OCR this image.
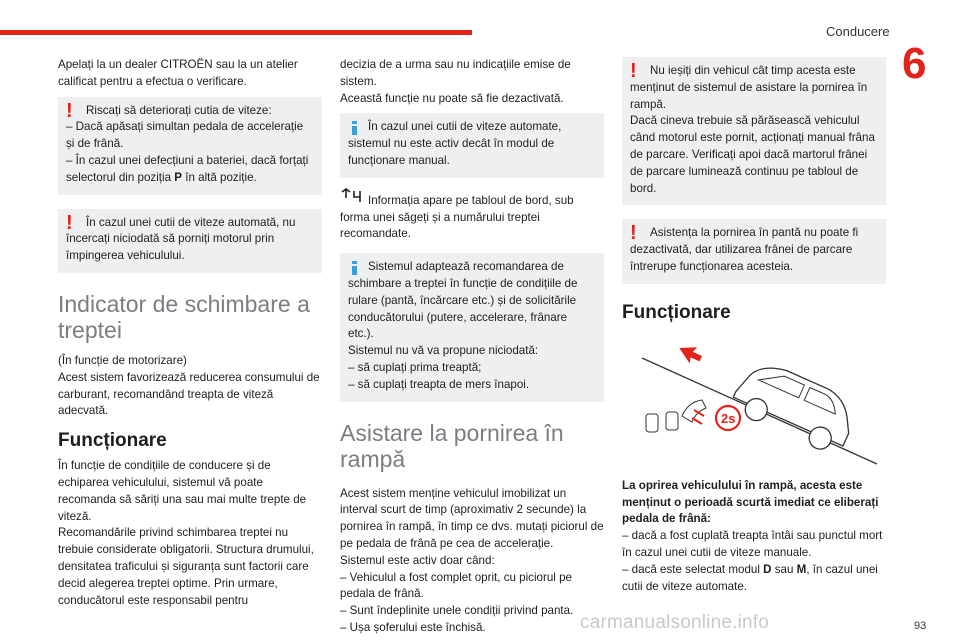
Conducere
6

Apelați la un dealer CITROËN sau la un atelier calificat pentru a efectua o verificare.

! Riscați să deteriorați cutia de viteze:
– Dacă apăsați simultan pedala de accelerație și de frână.
– În cazul unei defecțiuni a bateriei, dacă forțați selectorul din poziția P în altă poziție.

! În cazul unei cutii de viteze automată, nu încercați niciodată să porniți motorul prin împingerea vehiculului.

Indicator de schimbare a treptei

(În funcție de motorizare)

Acest sistem favorizează reducerea consumului de carburant, recomandând treapta de viteză adecvată.

Funcționare

În funcție de condițiile de conducere și de echiparea vehiculului, sistemul vă poate recomanda să săriți una sau mai multe trepte de viteză.
Recomandările privind schimbarea treptei nu trebuie considerate obligatorii. Structura drumului, densitatea traficului și siguranța sunt factorii care decid alegerea treptei optime. Prin urmare, conducătorul este responsabil pentru

decizia de a urma sau nu indicațiile emise de sistem.
Această funcție nu poate să fie dezactivată.

În cazul unei cutii de viteze automate, sistemul nu este activ decât în modul de funcționare manual.

Informația apare pe tabloul de bord, sub forma unei săgeți și a numărului treptei recomandate.

Sistemul adaptează recomandarea de schimbare a treptei în funcție de condițiile de rulare (pantă, încărcare etc.) și de solicitările conducătorului (putere, accelerare, frânare etc.).
Sistemul nu vă va propune niciodată:
– să cuplați prima treaptă;
– să cuplați treapta de mers înapoi.

Asistare la pornirea în rampă

Acest sistem menține vehiculul imobilizat un interval scurt de timp (aproximativ 2 secunde) la pornirea în rampă, în timp ce dvs. mutați piciorul de pe pedala de frână pe cea de accelerație.
Sistemul este activ doar când:
– Vehiculul a fost complet oprit, cu piciorul pe pedala de frână.
– Sunt îndeplinite unele condiții privind panta.
– Ușa șoferului este închisă.

! Nu ieșiți din vehicul cât timp acesta este menținut de sistemul de asistare la pornirea în rampă.
Dacă cineva trebuie să părăsească vehiculul când motorul este pornit, acționați manual frâna de parcare. Verificați apoi dacă martorul frânei de parcare luminează continuu pe tabloul de bord.

! Asistența la pornirea în pantă nu poate fi dezactivată, dar utilizarea frânei de parcare întrerupe funcționarea acesteia.

Funcționare
2s

La oprirea vehiculului în rampă, acesta este menținut o perioadă scurtă imediat ce eliberați pedala de frână:

– dacă a fost cuplată treapta întâi sau punctul mort în cazul unei cutii de viteze manuale.
– dacă este selectat modul D sau M, în cazul unei cutii de viteze automate.

carmanualsonline.info	93
